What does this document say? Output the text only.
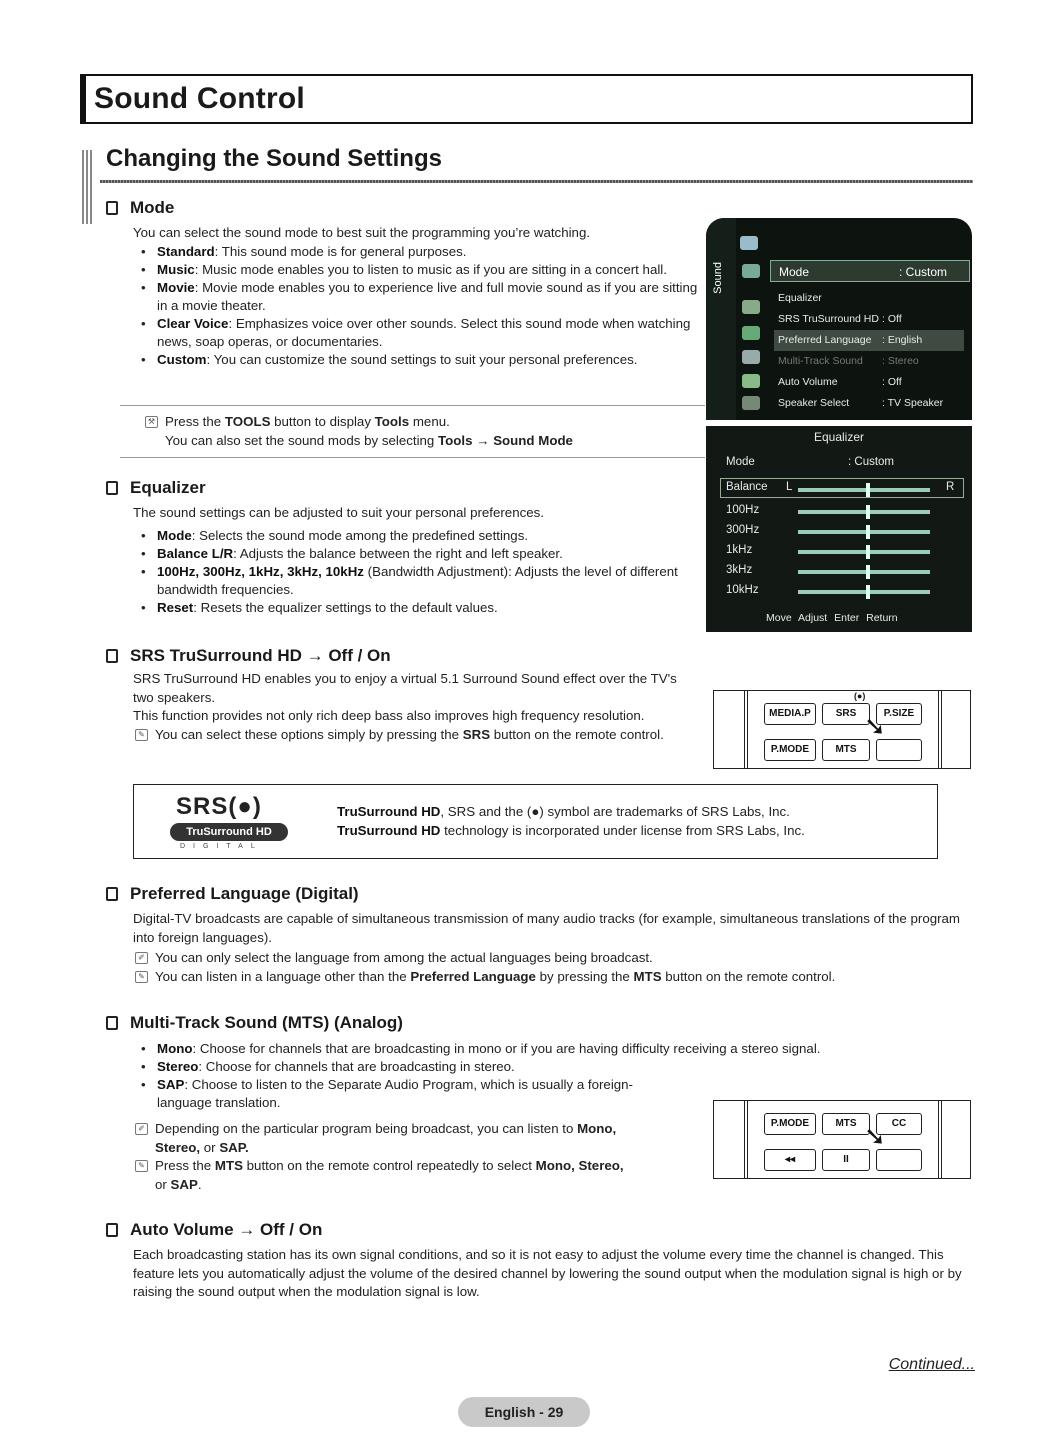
Sound Control
Changing the Sound Settings
Mode
You can select the sound mode to best suit the programming you’re watching.
• Standard: This sound mode is for general purposes.
• Music: Music mode enables you to listen to music as if you are sitting in a concert hall.
• Movie: Movie mode enables you to experience live and full movie sound as if you are sitting in a movie theater.
• Clear Voice: Emphasizes voice over other sounds. Select this sound mode when watching news, soap operas, or documentaries.
• Custom: You can customize the sound settings to suit your personal preferences.
⚒ Press the TOOLS button to display Tools menu.
You can also set the sound mods by selecting Tools → Sound Mode
Sound	Mode	: Custom
Equalizer
SRS TruSurround HD : Off
Preferred Language : English
Multi-Track Sound : Stereo
Auto Volume	: Off
Speaker Select	: TV Speaker
Equalizer
Mode	: Custom
Balance L	R
100Hz
300Hz
1kHz
3kHz
10kHz
Move Adjust Enter Return
Equalizer
The sound settings can be adjusted to suit your personal preferences.
• Mode: Selects the sound mode among the predefined settings.
• Balance L/R: Adjusts the balance between the right and left speaker.
• 100Hz, 300Hz, 1kHz, 3kHz, 10kHz (Bandwidth Adjustment): Adjusts the level of different bandwidth frequencies.
• Reset: Resets the equalizer settings to the default values.
SRS TruSurround HD → Off / On
SRS TruSurround HD enables you to enjoy a virtual 5.1 Surround Sound effect over the TV's two speakers.
This function provides not only rich deep bass also improves high frequency resolution.
✎ You can select these options simply by pressing the SRS button on the remote control.
(●)
MEDIA.P	SRS	P.SIZE
P.MODE	MTS
➘
SRS(●)
TruSurround HD
DIGITAL
TruSurround HD, SRS and the (●) symbol are trademarks of SRS Labs, Inc.
TruSurround HD technology is incorporated under license from SRS Labs, Inc.
Preferred Language (Digital)
Digital-TV broadcasts are capable of simultaneous transmission of many audio tracks (for example, simultaneous translations of the program into foreign languages).
✐ You can only select the language from among the actual languages being broadcast.
✎ You can listen in a language other than the Preferred Language by pressing the MTS button on the remote control.
Multi-Track Sound (MTS) (Analog)
• Mono: Choose for channels that are broadcasting in mono or if you are having difficulty receiving a stereo signal.
• Stereo: Choose for channels that are broadcasting in stereo.
• SAP: Choose to listen to the Separate Audio Program, which is usually a foreign-language translation.
✐ Depending on the particular program being broadcast, you can listen to Mono,
Stereo, or SAP.
✎ Press the MTS button on the remote control repeatedly to select Mono, Stereo,
or SAP.
P.MODE	MTS	CC
◂◂	II
➘
Auto Volume → Off / On
Each broadcasting station has its own signal conditions, and so it is not easy to adjust the volume every time the channel is changed. This feature lets you automatically adjust the volume of the desired channel by lowering the sound output when the modulation signal is high or by raising the sound output when the modulation signal is low.
Continued...
English - 29
